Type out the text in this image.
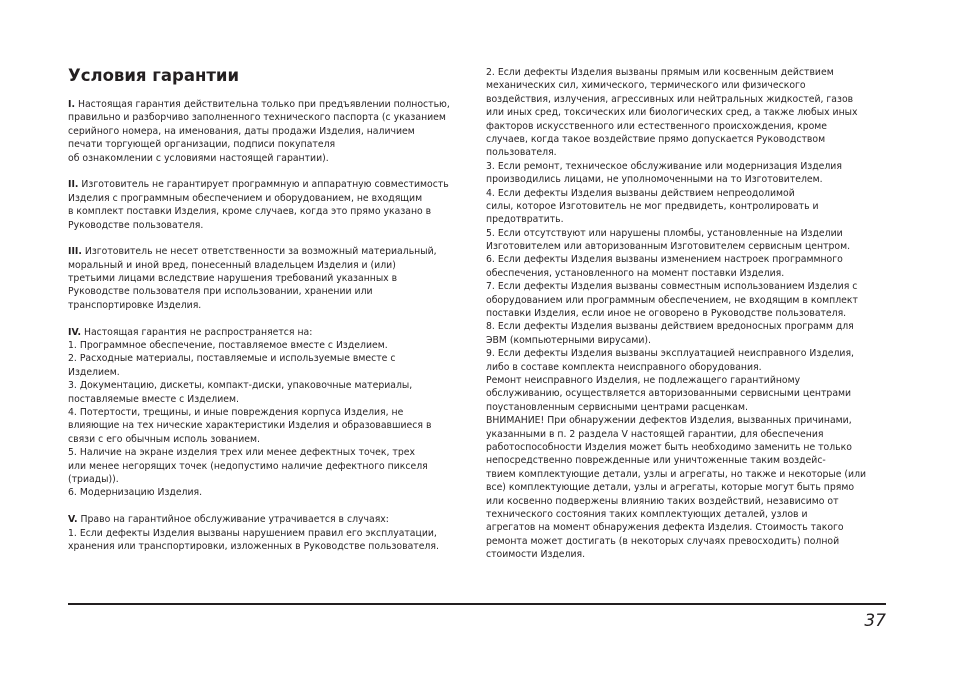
Условия гарантии
I. Настоящая гарантия действительна только при предъявлении полностью,
правильно и разборчиво заполненного технического паспорта (с указанием
серийного номера, на именования, даты продажи Изделия, наличием
печати торгующей организации, подписи покупателя
об ознакомлении с условиями настоящей гарантии).
II. Изготовитель не гарантирует программную и аппаратную совместимость
Изделия с программным обеспечением и оборудованием, не входящим
в комплект поставки Изделия, кроме случаев, когда это прямо указано в
Руководстве пользователя.
III. Изготовитель не несет ответственности за возможный материальный,
моральный и иной вред, понесенный владельцем Изделия и (или)
третьими лицами вследствие нарушения требований указанных в
Руководстве пользователя при использовании, хранении или
транспортировке Изделия.
IV. Настоящая гарантия не распространяется на:
1. Программное обеспечение, поставляемое вместе с Изделием.
2. Расходные материалы, поставляемые и используемые вместе с
Изделием.
3. Документацию, дискеты, компакт-диски, упаковочные материалы,
поставляемые вместе с Изделием.
4. Потертости, трещины, и иные повреждения корпуса Изделия, не
влияющие на тех нические характеристики Изделия и образовавшиеся в
связи с его обычным исполь зованием.
5. Наличие на экране изделия трех или менее дефектных точек, трех
или менее негорящих точек (недопустимо наличие дефектного пикселя
(триады)).
6. Модернизацию Изделия.
V. Право на гарантийное обслуживание утрачивается в случаях:
1. Если дефекты Изделия вызваны нарушением правил его эксплуатации,
хранения или транспортировки, изложенных в Руководстве пользователя.
2. Если дефекты Изделия вызваны прямым или косвенным действием
механических сил, химического, термического или физического
воздействия, излучения, агрессивных или нейтральных жидкостей, газов
или иных сред, токсических или биологических сред, а также любых иных
факторов искусственного или естественного происхождения, кроме
случаев, когда такое воздействие прямо допускается Руководством
пользователя.
3. Если ремонт, техническое обслуживание или модернизация Изделия
производились лицами, не уполномоченными на то Изготовителем.
4. Если дефекты Изделия вызваны действием непреодолимой
силы, которое Изготовитель не мог предвидеть, контролировать и
предотвратить.
5. Если отсутствуют или нарушены пломбы, установленные на Изделии
Изготовителем или авторизованным Изготовителем сервисным центром.
6. Если дефекты Изделия вызваны изменением настроек программного
обеспечения, установленного на момент поставки Изделия.
7. Если дефекты Изделия вызваны совместным использованием Изделия с
оборудованием или программным обеспечением, не входящим в комплект
поставки Изделия, если иное не оговорено в Руководстве пользователя.
8. Если дефекты Изделия вызваны действием вредоносных программ для
ЭВМ (компьютерными вирусами).
9. Если дефекты Изделия вызваны эксплуатацией неисправного Изделия,
либо в составе комплекта неисправного оборудования.
Ремонт неисправного Изделия, не подлежащего гарантийному
обслуживанию, осуществляется авторизованными сервисными центрами
поустановленным сервисными центрами расценкам.
ВНИМАНИЕ! При обнаружении дефектов Изделия, вызванных причинами,
указанными в п. 2 раздела V настоящей гарантии, для обеспечения
работоспособности Изделия может быть необходимо заменить не только
непосредственно поврежденные или уничтоженные таким воздейс-
твием комплектующие детали, узлы и агрегаты, но также и некоторые (или
все) комплектующие детали, узлы и агрегаты, которые могут быть прямо
или косвенно подвержены влиянию таких воздействий, независимо от
технического состояния таких комплектующих деталей, узлов и
агрегатов на момент обнаружения дефекта Изделия. Стоимость такого
ремонта может достигать (в некоторых случаях превосходить) полной
стоимости Изделия.
37
